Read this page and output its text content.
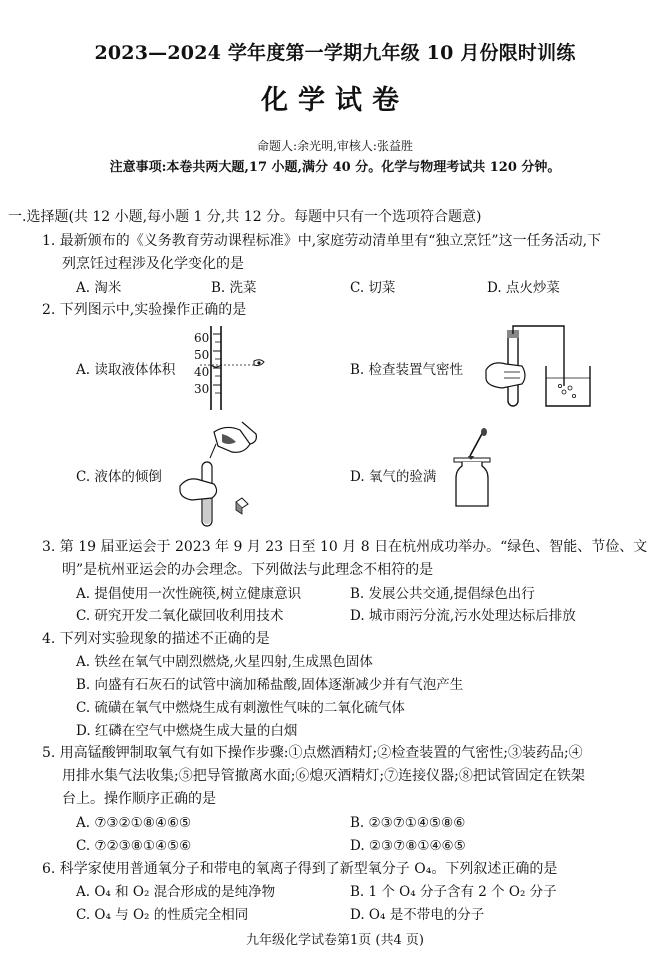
2023—2024 学年度第一学期九年级 10 月份限时训练
化学试卷
命题人:余光明,审核人:张益胜
注意事项:本卷共两大题,17 小题,满分 40 分。化学与物理考试共 120 分钟。
一.选择题(共 12 小题,每小题 1 分,共 12 分。每题中只有一个选项符合题意)
1. 最新颁布的《义务教育劳动课程标准》中,家庭劳动清单里有“独立烹饪”这一任务活动,下
列烹饪过程涉及化学变化的是
A. 淘米	B. 洗菜	C. 切菜	D. 点火炒菜
2. 下列图示中,实验操作正确的是
A. 读取液体体积	B. 检查装置气密性
C. 液体的倾倒	D. 氧气的验满
60
50
40
30
3. 第 19 届亚运会于 2023 年 9 月 23 日至 10 月 8 日在杭州成功举办。“绿色、智能、节俭、文
明”是杭州亚运会的办会理念。下列做法与此理念不相符的是
A. 提倡使用一次性碗筷,树立健康意识	B. 发展公共交通,提倡绿色出行
C. 研究开发二氧化碳回收利用技术	D. 城市雨污分流,污水处理达标后排放
4. 下列对实验现象的描述不正确的是
A. 铁丝在氧气中剧烈燃烧,火星四射,生成黑色固体
B. 向盛有石灰石的试管中滴加稀盐酸,固体逐渐减少并有气泡产生
C. 硫磺在氧气中燃烧生成有刺激性气味的二氧化硫气体
D. 红磷在空气中燃烧生成大量的白烟
5. 用高锰酸钾制取氧气有如下操作步骤:①点燃酒精灯;②检查装置的气密性;③装药品;④
用排水集气法收集;⑤把导管撤离水面;⑥熄灭酒精灯;⑦连接仪器;⑧把试管固定在铁架
台上。操作顺序正确的是
A. ⑦③②①⑧④⑥⑤	B. ②③⑦①④⑤⑧⑥
C. ⑦②③⑧①④⑤⑥	D. ②③⑦⑧①④⑥⑤
6. 科学家使用普通氧分子和带电的氧离子得到了新型氧分子 O₄。下列叙述正确的是
A. O₄ 和 O₂ 混合形成的是纯净物	B. 1 个 O₄ 分子含有 2 个 O₂ 分子
C. O₄ 与 O₂ 的性质完全相同	D. O₄ 是不带电的分子
九年级化学试卷第1页 (共4 页)
